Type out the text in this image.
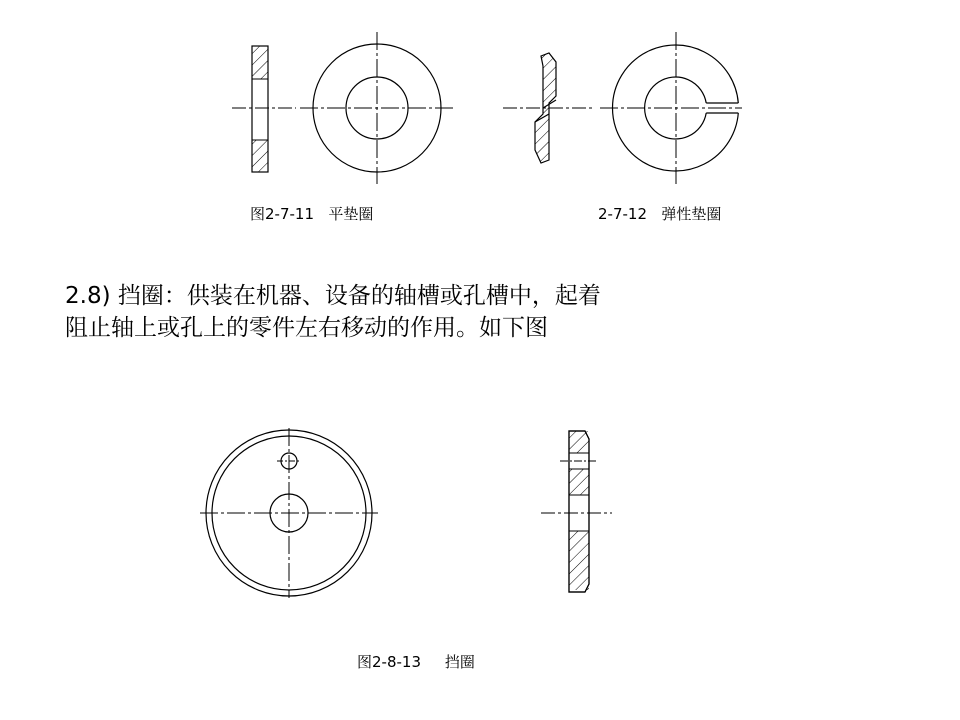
图2-7-11 平垫圈	2-7-12 弹性垫圈
图2-8-13 挡圈
2.8) 挡圈：供装在机器、设备的轴槽或孔槽中，起着
阻止轴上或孔上的零件左右移动的作用。如下图
